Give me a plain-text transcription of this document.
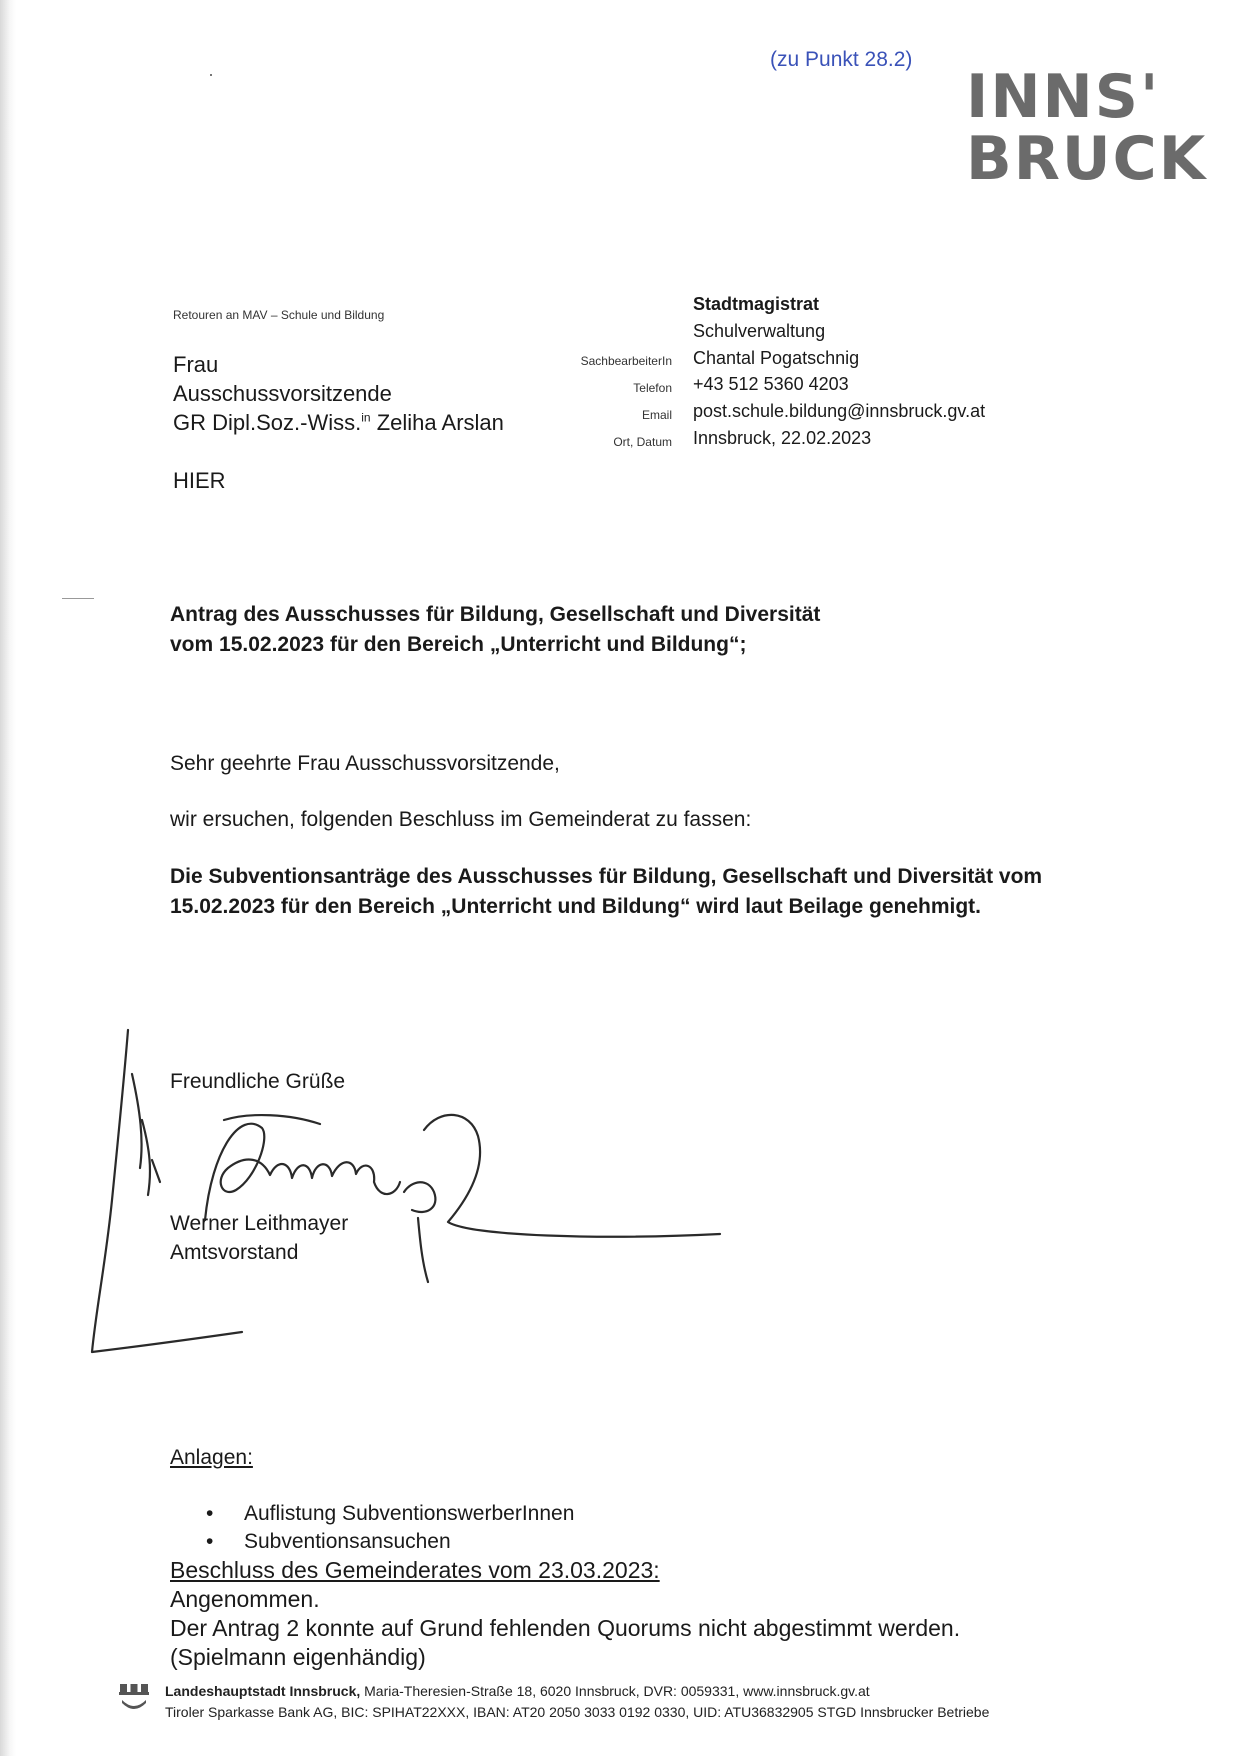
(zu Punkt 28.2)

INNS'
BRUCK

Retouren an MAV – Schule und Bildung

Frau

Ausschussvorsitzende

GR Dipl.Soz.-Wiss.$^{in}$ Zeliha Arslan

HIER

Stadtmagistrat

Schulverwaltung

SachbearbeiterIn Chantal Pogatschnig

Telefon +43 512 5360 4203

Email post.schule.bildung@innsbruck.gv.at

Ort, Datum Innsbruck, 22.02.2023

Antrag des Ausschusses für Bildung, Gesellschaft und Diversität
vom 15.02.2023 für den Bereich „Unterricht und Bildung“;

Sehr geehrte Frau Ausschussvorsitzende,

wir ersuchen, folgenden Beschluss im Gemeinderat zu fassen:

Die Subventionsanträge des Ausschusses für Bildung, Gesellschaft und Diversität vom
15.02.2023 für den Bereich „Unterricht und Bildung“ wird laut Beilage genehmigt.

Freundliche Grüße

Werner Leithmayer

Amtsvorstand

Anlagen:

• Auflistung SubventionswerberInnen
• Subventionsansuchen
Beschluss des Gemeinderates vom 23.03.2023:
Angenommen.
Der Antrag 2 konnte auf Grund fehlenden Quorums nicht abgestimmt werden.
(Spielmann eigenhändig)

Landeshauptstadt Innsbruck, Maria-Theresien-Straße 18, 6020 Innsbruck, DVR: 0059331, www.innsbruck.gv.at

Tiroler Sparkasse Bank AG, BIC: SPIHAT22XXX, IBAN: AT20 2050 3033 0192 0330, UID: ATU36832905 STGD Innsbrucker Betriebe
